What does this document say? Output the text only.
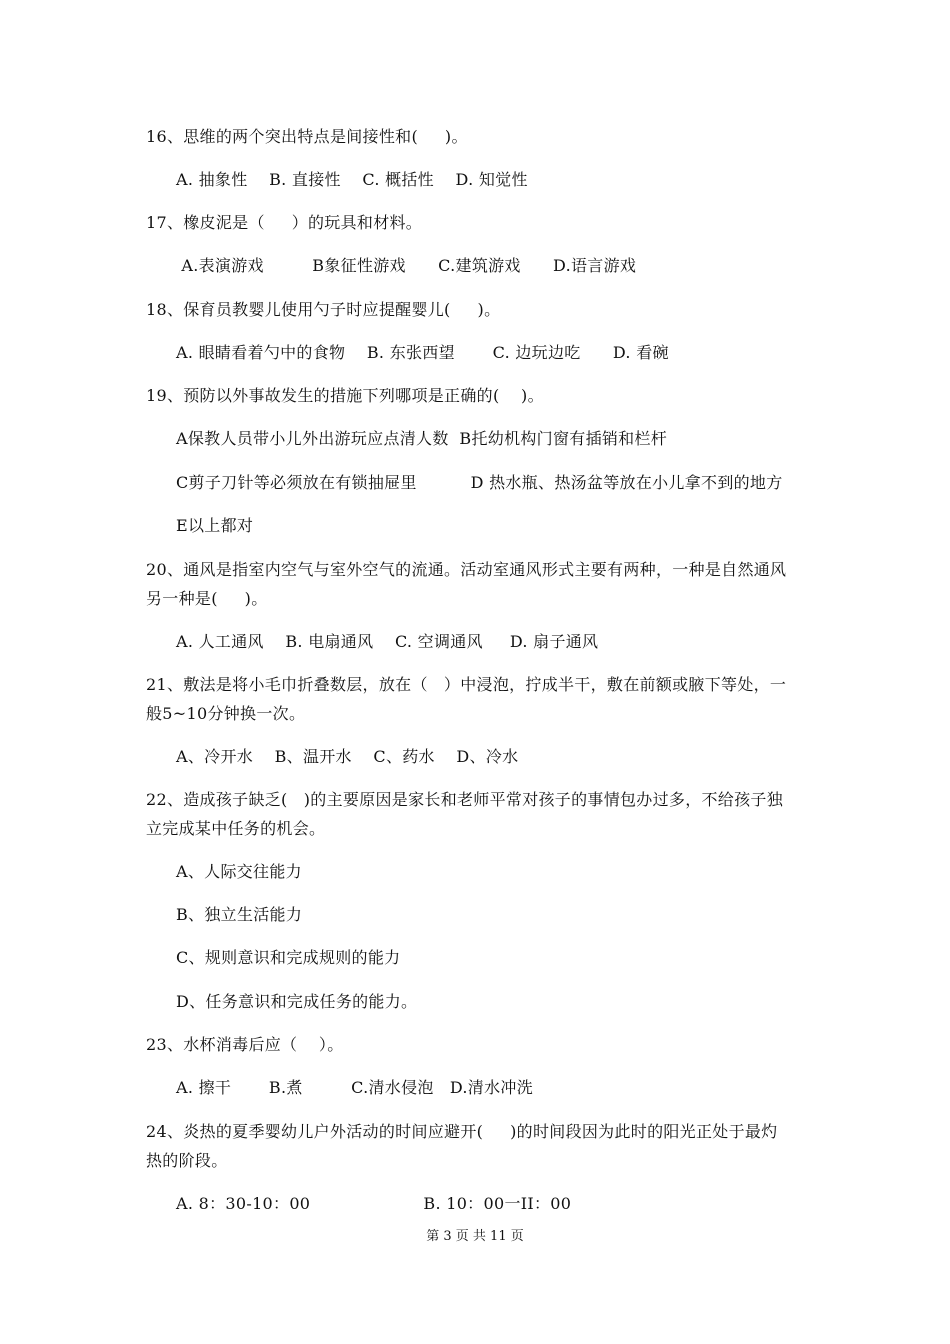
16、思维的两个突出特点是间接性和(     )。
A. 抽象性    B. 直接性    C. 概括性    D. 知觉性
17、橡皮泥是（     ）的玩具和材料。
A.表演游戏         B象征性游戏      C.建筑游戏      D.语言游戏
18、保育员教婴儿使用勺子时应提醒婴儿(     )。
A. 眼睛看着勺中的食物    B. 东张西望       C. 边玩边吃      D. 看碗
19、预防以外事故发生的措施下列哪项是正确的(    )。
A保教人员带小儿外出游玩应点清人数  B托幼机构门窗有插销和栏杆
C剪子刀针等必须放在有锁抽屉里          D 热水瓶、热汤盆等放在小儿拿不到的地方
E以上都对
20、通风是指室内空气与室外空气的流通。活动室通风形式主要有两种，一种是自然通风
另一种是(     )。
A. 人工通风    B. 电扇通风    C. 空调通风     D. 扇子通风
21、敷法是将小毛巾折叠数层，放在（   ）中浸泡，拧成半干，敷在前额或腋下等处，一
般5~10分钟换一次。
A、冷开水    B、温开水    C、药水    D、冷水
22、造成孩子缺乏(   )的主要原因是家长和老师平常对孩子的事情包办过多，不给孩子独
立完成某中任务的机会。
A、人际交往能力
B、独立生活能力
C、规则意识和完成规则的能力
D、任务意识和完成任务的能力。
23、水杯消毒后应（    ）。
A. 擦干       B.煮         C.清水侵泡   D.清水冲洗
24、炎热的夏季婴幼儿户外活动的时间应避开(     )的时间段因为此时的阳光正处于最灼
热的阶段。
A. 8：30-10：00                     B. 10：00一II：00
第 3 页 共 11 页
